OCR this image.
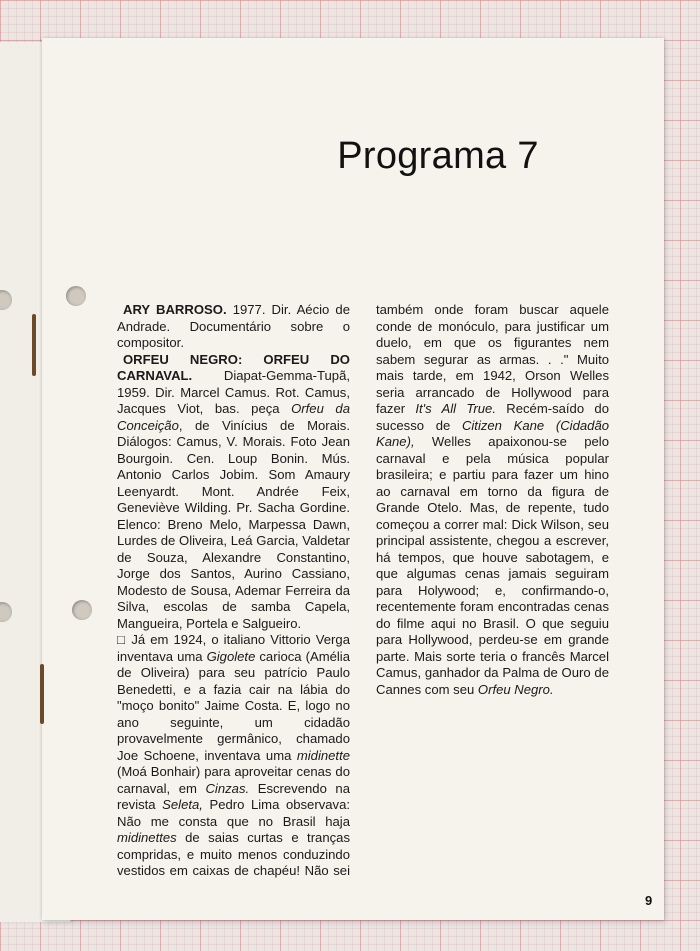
Programa 7

ARY BARROSO. 1977. Dir. Aécio de Andrade. Documentário sobre o compositor.

ORFEU NEGRO: ORFEU DO CARNAVAL. Diapat-Gemma-Tupã, 1959. Dir. Marcel Camus. Rot. Camus, Jacques Viot, bas. peça Orfeu da Conceição, de Vinícius de Morais. Diálogos: Camus, V. Morais. Foto Jean Bourgoin. Cen. Loup Bonin. Mús. Antonio Carlos Jobim. Som Amaury Leenyardt. Mont. Andrée Feix, Geneviève Wilding. Pr. Sacha Gordine. Elenco: Breno Melo, Marpessa Dawn, Lurdes de Oliveira, Leá Garcia, Valdetar de Souza, Alexandre Constantino, Jorge dos Santos, Aurino Cassiano, Modesto de Sousa, Ademar Ferreira da Silva, escolas de samba Capela, Mangueira, Portela e Salgueiro.

□ Já em 1924, o italiano Vittorio Verga inventava uma Gigolete carioca (Amélia de Oliveira) para seu patrício Paulo Benedetti, e a fazia cair na lábia do "moço bonito" Jaime Costa. E, logo no ano seguinte, um cidadão provavelmente germânico, chamado Joe Schoene, inventava uma midinette (Moá Bonhair) para aproveitar cenas do carnaval, em Cinzas. Escrevendo na revista Seleta, Pedro Lima observava: Não me consta que no Brasil haja midinettes de saias curtas e tranças compridas, e muito menos conduzindo vestidos em caixas de chapéu! Não sei também onde foram buscar aquele conde de monóculo, para justificar um duelo, em que os figurantes nem sabem segurar as armas. . ." Muito mais tarde, em 1942, Orson Welles seria arrancado de Hollywood para fazer It's All True. Recém-saído do sucesso de Citizen Kane (Cidadão Kane), Welles apaixonou-se pelo carnaval e pela música popular brasileira; e partiu para fazer um hino ao carnaval em torno da figura de Grande Otelo. Mas, de repente, tudo começou a correr mal: Dick Wilson, seu principal assistente, chegou a escrever, há tempos, que houve sabotagem, e que algumas cenas jamais seguiram para Holywood; e, confirmando-o, recentemente foram encontradas cenas do filme aqui no Brasil. O que seguiu para Hollywood, perdeu-se em grande parte. Mais sorte teria o francês Marcel Camus, ganhador da Palma de Ouro de Cannes com seu Orfeu Negro.

9
